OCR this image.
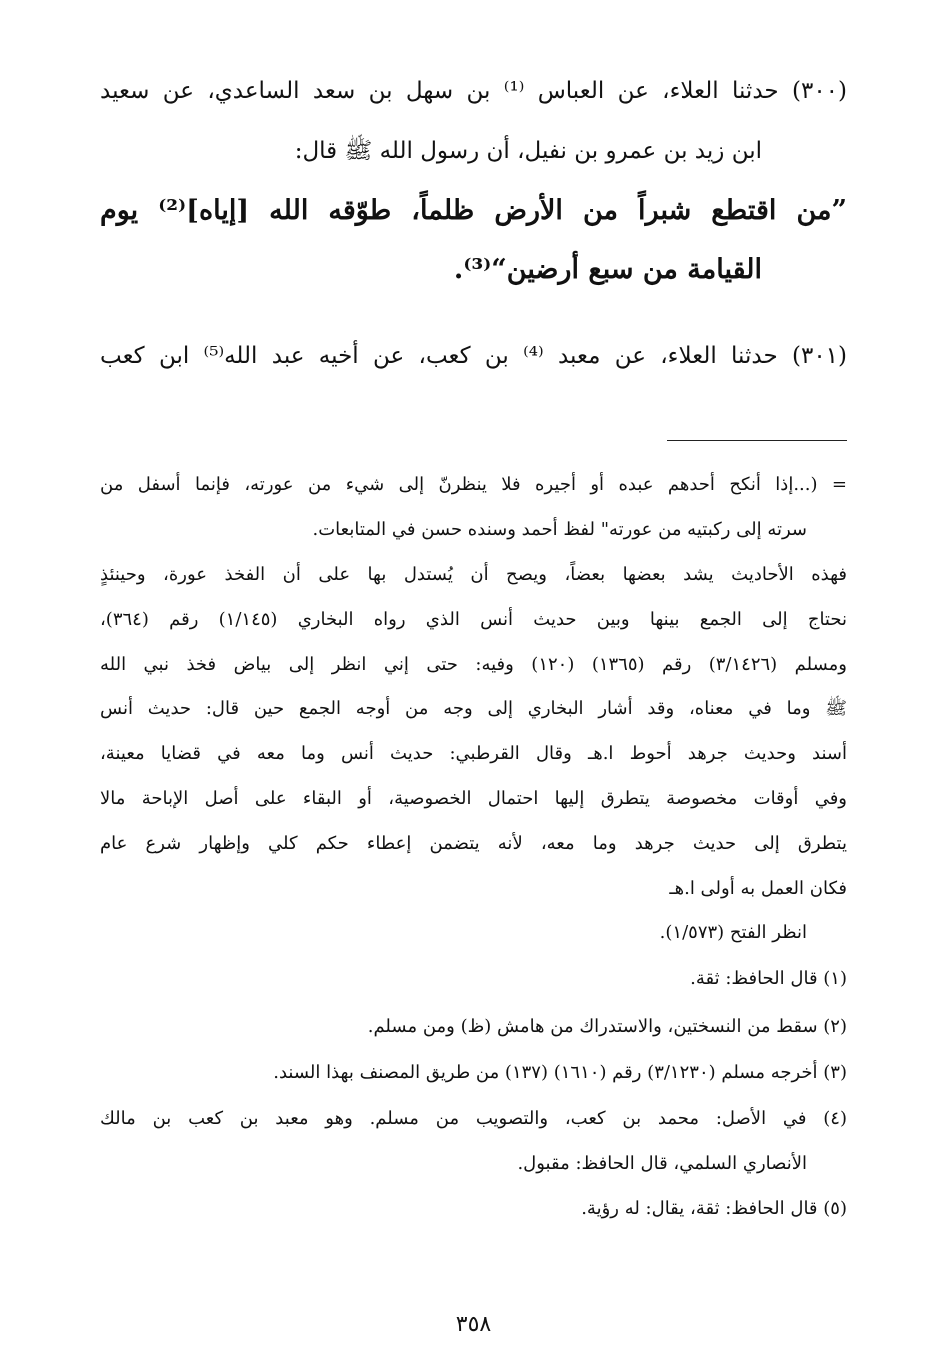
(٣٠٠) حدثنا العلاء، عن العباس ⁽¹⁾ بن سهل بن سعد الساعدي، عن سعيد
ابن زيد بن عمرو بن نفيل، أن رسول الله ﷺ قال:
”من اقتطع شبراً من الأرض ظلماً، طوّقه الله [إياه]⁽²⁾ يوم
القيامة من سبع أرضين“⁽³⁾.
(٣٠١) حدثنا العلاء، عن معبد ⁽⁴⁾ بن كعب، عن أخيه عبد الله⁽⁵⁾ ابن كعب
= (...إذا أنكح أحدهم عبده أو أجيره فلا ينظرنّ إلى شيء من عورته، فإنما أسفل من
سرته إلى ركبتيه من عورته" لفظ أحمد وسنده حسن في المتابعات.
فهذه الأحاديث يشد بعضها بعضاً، ويصح أن يُستدل بها على أن الفخذ عورة، وحينئذٍ
نحتاج إلى الجمع بينها وبين حديث أنس الذي رواه البخاري (١/١٤٥) رقم (٣٦٤)،
ومسلم (٣/١٤٢٦) رقم (١٣٦٥) (١٢٠) وفيه: حتى إني انظر إلى بياض فخذ نبي الله
ﷺ وما في معناه، وقد أشار البخاري إلى وجه من أوجه الجمع حين قال: حديث أنس
أسند وحديث جرهد أحوط ا.هـ وقال القرطبي: حديث أنس وما معه في قضايا معينة،
وفي أوقات مخصوصة يتطرق إليها احتمال الخصوصية، أو البقاء على أصل الإباحة مالا
يتطرق إلى حديث جرهد وما معه، لأنه يتضمن إعطاء حكم كلي وإظهار شرع عام
فكان العمل به أولى ا.هـ
انظر الفتح (١/٥٧٣).
(١) قال الحافظ: ثقة.
(٢) سقط من النسختين، والاستدراك من هامش (ظ) ومن مسلم.
(٣) أخرجه مسلم (٣/١٢٣٠) رقم (١٦١٠) (١٣٧) من طريق المصنف بهذا السند.
(٤) في الأصل: محمد بن كعب، والتصويب من مسلم. وهو معبد بن كعب بن مالك
الأنصاري السلمي، قال الحافظ: مقبول.
(٥) قال الحافظ: ثقة، يقال: له رؤية.
٣٥٨
